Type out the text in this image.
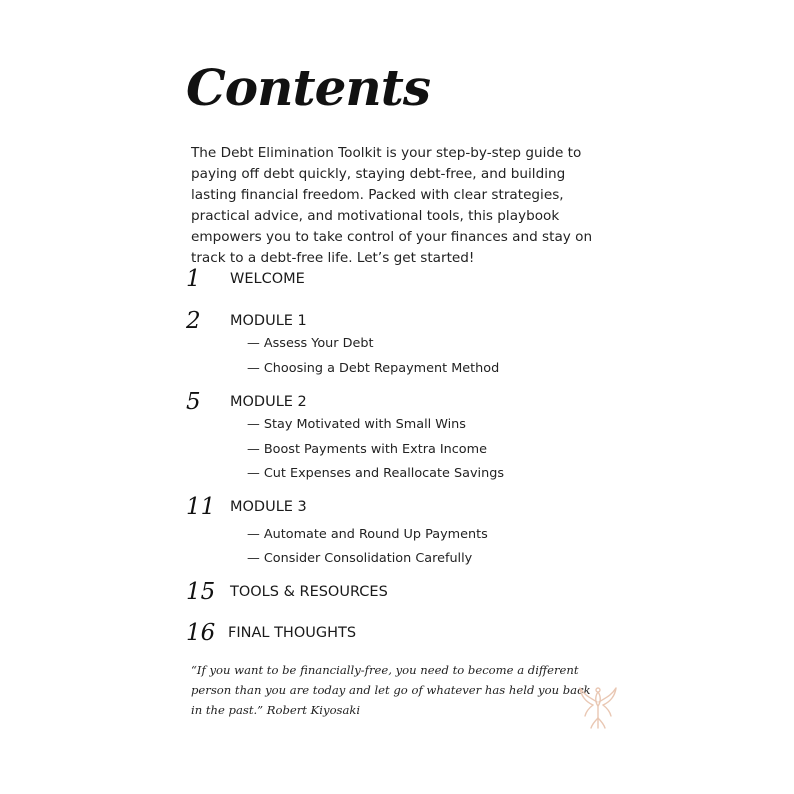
Contents

The Debt Elimination Toolkit is your step-by-step guide to paying off debt quickly, staying debt-free, and building lasting financial freedom. Packed with clear strategies, practical advice, and motivational tools, this playbook empowers you to take control of your finances and stay on track to a debt-free life. Let’s get started!

1	WELCOME
2	MODULE 1
— Assess Your Debt
— Choosing a Debt Repayment Method
5	MODULE 2
— Stay Motivated with Small Wins
— Boost Payments with Extra Income
— Cut Expenses and Reallocate Savings
11	MODULE 3
— Automate and Round Up Payments
— Consider Consolidation Carefully
15	TOOLS & RESOURCES
16 FINAL THOUGHTS
“If you want to be financially-free, you need to become a different
person than you are today and let go of whatever has held you back
in the past.” Robert Kiyosaki
